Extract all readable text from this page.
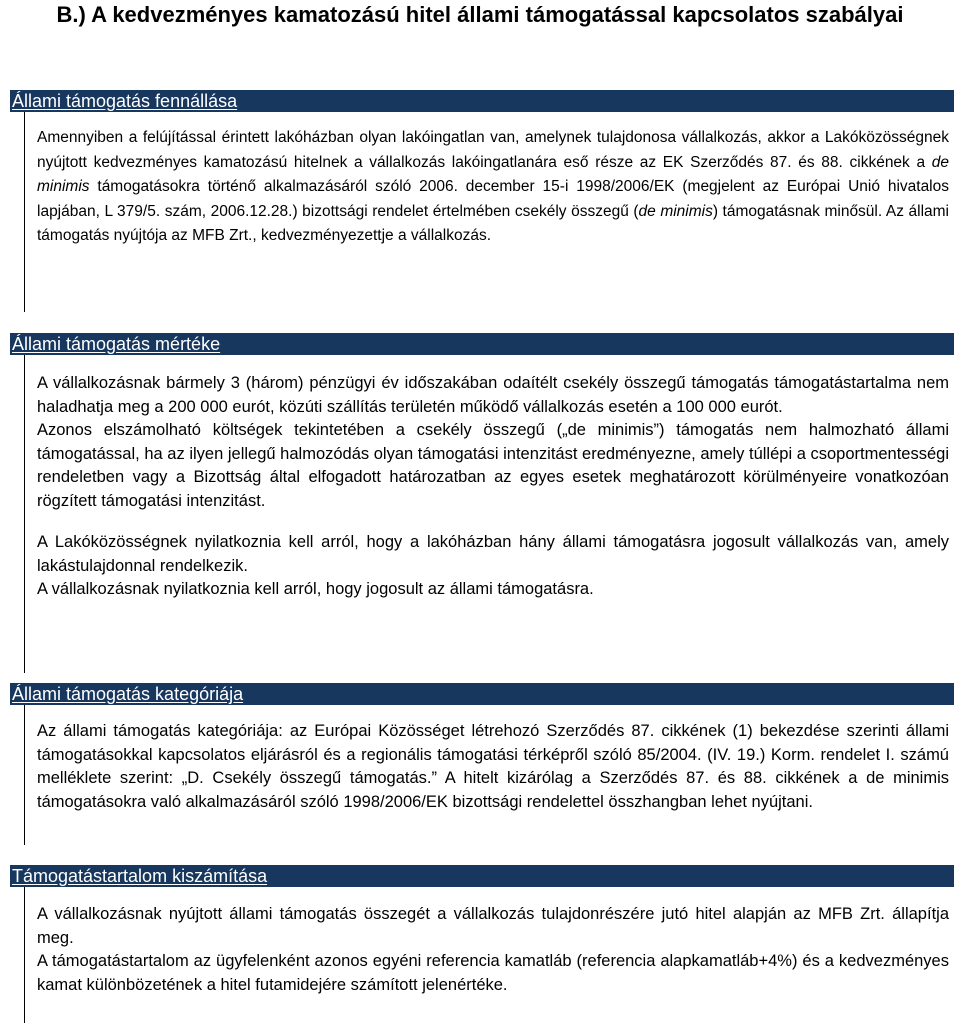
B.) A kedvezményes kamatozású hitel állami támogatással kapcsolatos szabályai
Állami támogatás fennállása

Amennyiben a felújítással érintett lakóházban olyan lakóingatlan van, amelynek tulajdonosa vállalkozás, akkor a Lakóközösségnek nyújtott kedvezményes kamatozású hitelnek a vállalkozás lakóingatlanára eső része az EK Szerződés 87. és 88. cikkének a de minimis támogatásokra történő alkalmazásáról szóló 2006. december 15-i 1998/2006/EK (megjelent az Európai Unió hivatalos lapjában, L 379/5. szám, 2006.12.28.) bizottsági rendelet értelmében csekély összegű (de minimis) támogatásnak minősül. Az állami támogatás nyújtója az MFB Zrt., kedvezményezettje a vállalkozás.

Állami támogatás mértéke

A vállalkozásnak bármely 3 (három) pénzügyi év időszakában odaítélt csekély összegű támogatás támogatástartalma nem haladhatja meg a 200 000 eurót, közúti szállítás területén működő vállalkozás esetén a 100 000 eurót.

Azonos elszámolható költségek tekintetében a csekély összegű („de minimis”) támogatás nem halmozható állami támogatással, ha az ilyen jellegű halmozódás olyan támogatási intenzitást eredményezne, amely túllépi a csoportmentességi rendeletben vagy a Bizottság által elfogadott határozatban az egyes esetek meghatározott körülményeire vonatkozóan rögzített támogatási intenzitást.

A Lakóközösségnek nyilatkoznia kell arról, hogy a lakóházban hány állami támogatásra jogosult vállalkozás van, amely lakástulajdonnal rendelkezik.

A vállalkozásnak nyilatkoznia kell arról, hogy jogosult az állami támogatásra.

Állami támogatás kategóriája

Az állami támogatás kategóriája: az Európai Közösséget létrehozó Szerződés 87. cikkének (1) bekezdése szerinti állami támogatásokkal kapcsolatos eljárásról és a regionális támogatási térképről szóló 85/2004. (IV. 19.) Korm. rendelet I. számú melléklete szerint: „D. Csekély összegű támogatás.” A hitelt kizárólag a Szerződés 87. és 88. cikkének a de minimis támogatásokra való alkalmazásáról szóló 1998/2006/EK bizottsági rendelettel összhangban lehet nyújtani.

Támogatástartalom kiszámítása

A vállalkozásnak nyújtott állami támogatás összegét a vállalkozás tulajdonrészére jutó hitel alapján az MFB Zrt. állapítja meg.

A támogatástartalom az ügyfelenként azonos egyéni referencia kamatláb (referencia alapkamatláb+4%) és a kedvezményes kamat különbözetének a hitel futamidejére számított jelenértéke.
